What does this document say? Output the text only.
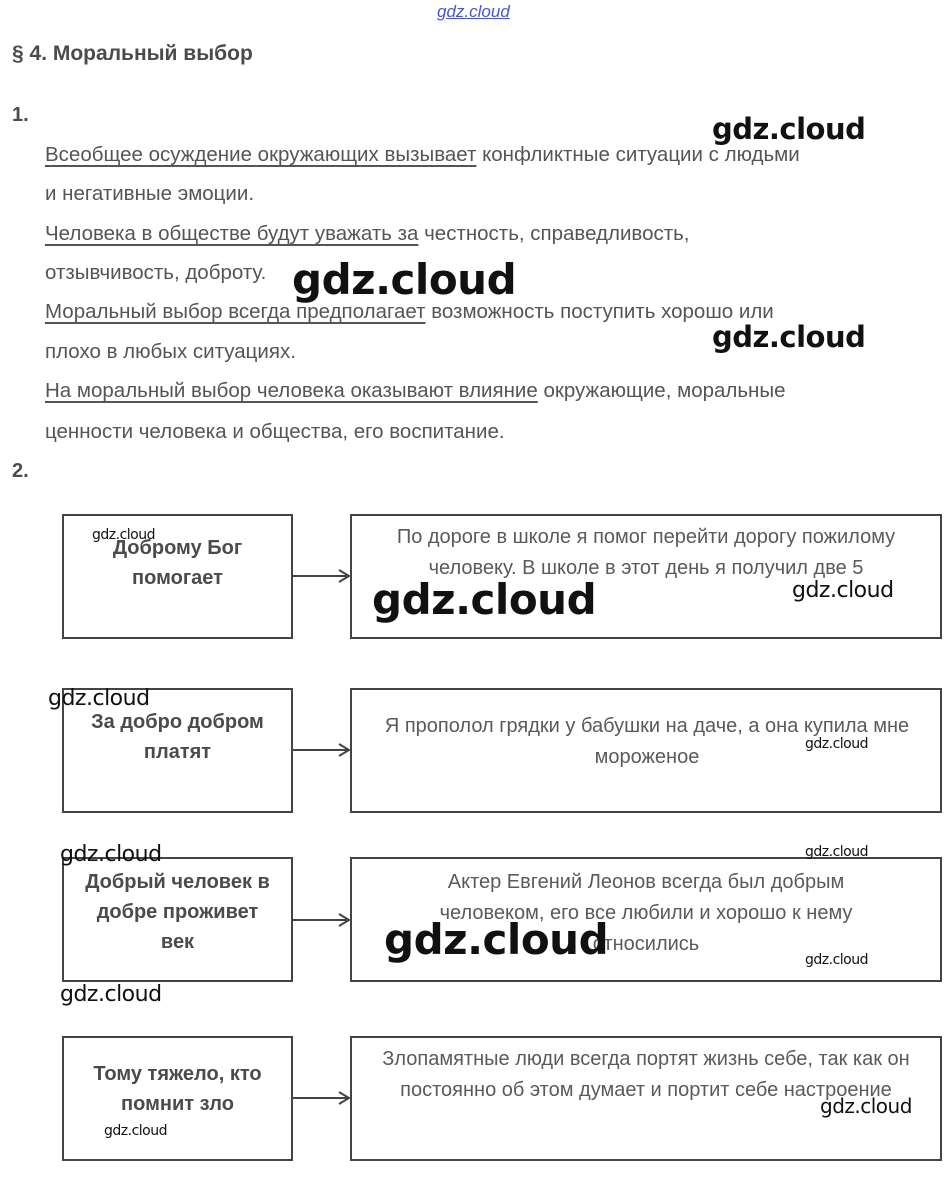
gdz.cloud
§ 4. Моральный выбор
1.
Всеобщее осуждение окружающих вызывает конфликтные ситуации с людьми
и негативные эмоции.
Человека в обществе будут уважать за честность, справедливость,
отзывчивость, доброту.
Моральный выбор всегда предполагает возможность поступить хорошо или
плохо в любых ситуациях.
На моральный выбор человека оказывают влияние окружающие, моральные
ценности человека и общества, его воспитание.
gdz.cloud
gdz.cloud
gdz.cloud
2.
Доброму Бог помогает
По дороге в школе я помог перейти дорогу пожилому человеку. В школе в этот день я получил две 5
gdz.cloud
gdz.cloud	gdz.cloud
За добро добром платят
Я прополол грядки у бабушки на даче, а она купила мне мороженое
gdz.cloud
gdz.cloud
Добрый человек в добре проживет век
Актер Евгений Леонов всегда был добрым человеком, его все любили и хорошо к нему относились
gdz.cloud	gdz.cloud
gdz.cloud	gdz.cloud
gdz.cloud
Тому тяжело, кто помнит зло
Злопамятные люди всегда портят жизнь себе, так как он постоянно об этом думает и портит себе настроение
gdz.cloud
gdz.cloud
